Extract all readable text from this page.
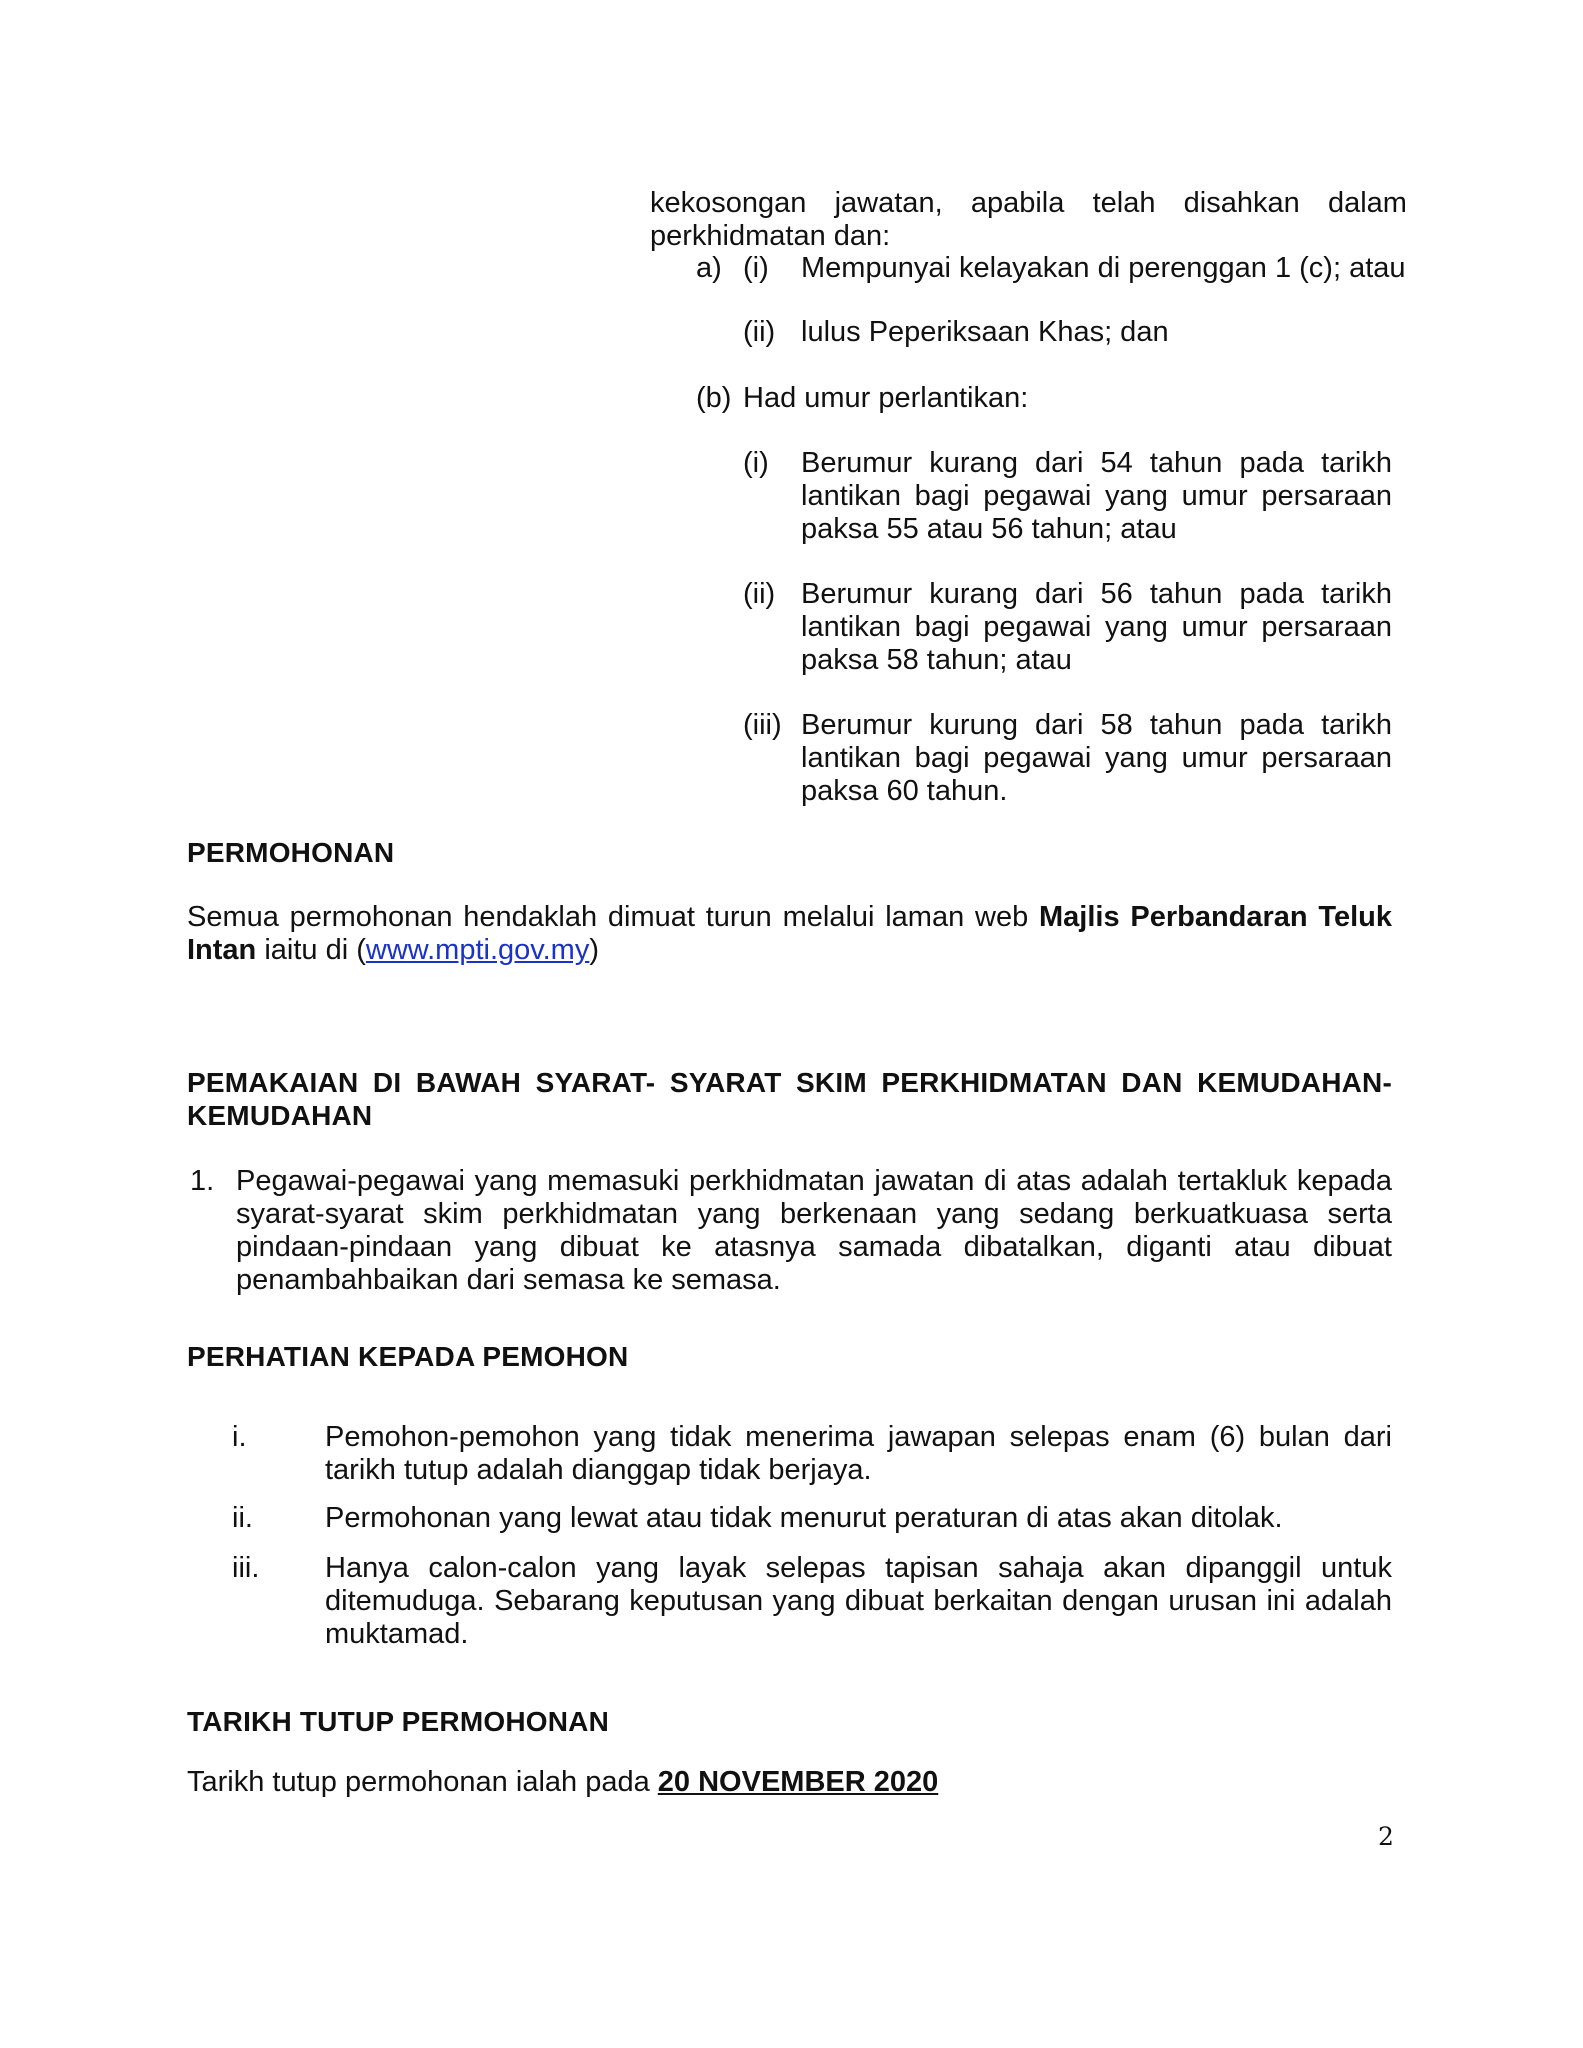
kekosongan jawatan, apabila telah disahkan dalam
perkhidmatan dan:
a) (i) Mempunyai kelayakan di perenggan 1 (c); atau
(ii) lulus Peperiksaan Khas; dan
(b) Had umur perlantikan:
(i) Berumur kurang dari 54 tahun pada tarikh lantikan bagi pegawai yang umur persaraan paksa 55 atau 56 tahun; atau
(ii) Berumur kurang dari 56 tahun pada tarikh lantikan bagi pegawai yang umur persaraan paksa 58 tahun; atau
(iii) Berumur kurung dari 58 tahun pada tarikh lantikan bagi pegawai yang umur persaraan paksa 60 tahun.
PERMOHONAN
Semua permohonan hendaklah dimuat turun melalui laman web Majlis Perbandaran Teluk Intan iaitu di (www.mpti.gov.my)
PEMAKAIAN DI BAWAH SYARAT- SYARAT SKIM PERKHIDMATAN DAN KEMUDAHAN-KEMUDAHAN
1. Pegawai-pegawai yang memasuki perkhidmatan jawatan di atas adalah tertakluk kepada syarat-syarat skim perkhidmatan yang berkenaan yang sedang berkuatkuasa serta pindaan-pindaan yang dibuat ke atasnya samada dibatalkan, diganti atau dibuat penambahbaikan dari semasa ke semasa.
PERHATIAN KEPADA PEMOHON
i.	Pemohon-pemohon yang tidak menerima jawapan selepas enam (6) bulan dari tarikh tutup adalah dianggap tidak berjaya.
ii. Permohonan yang lewat atau tidak menurut peraturan di atas akan ditolak.
iii. Hanya calon-calon yang layak selepas tapisan sahaja akan dipanggil untuk ditemuduga. Sebarang keputusan yang dibuat berkaitan dengan urusan ini adalah muktamad.
TARIKH TUTUP PERMOHONAN
Tarikh tutup permohonan ialah pada 20 NOVEMBER 2020
2
